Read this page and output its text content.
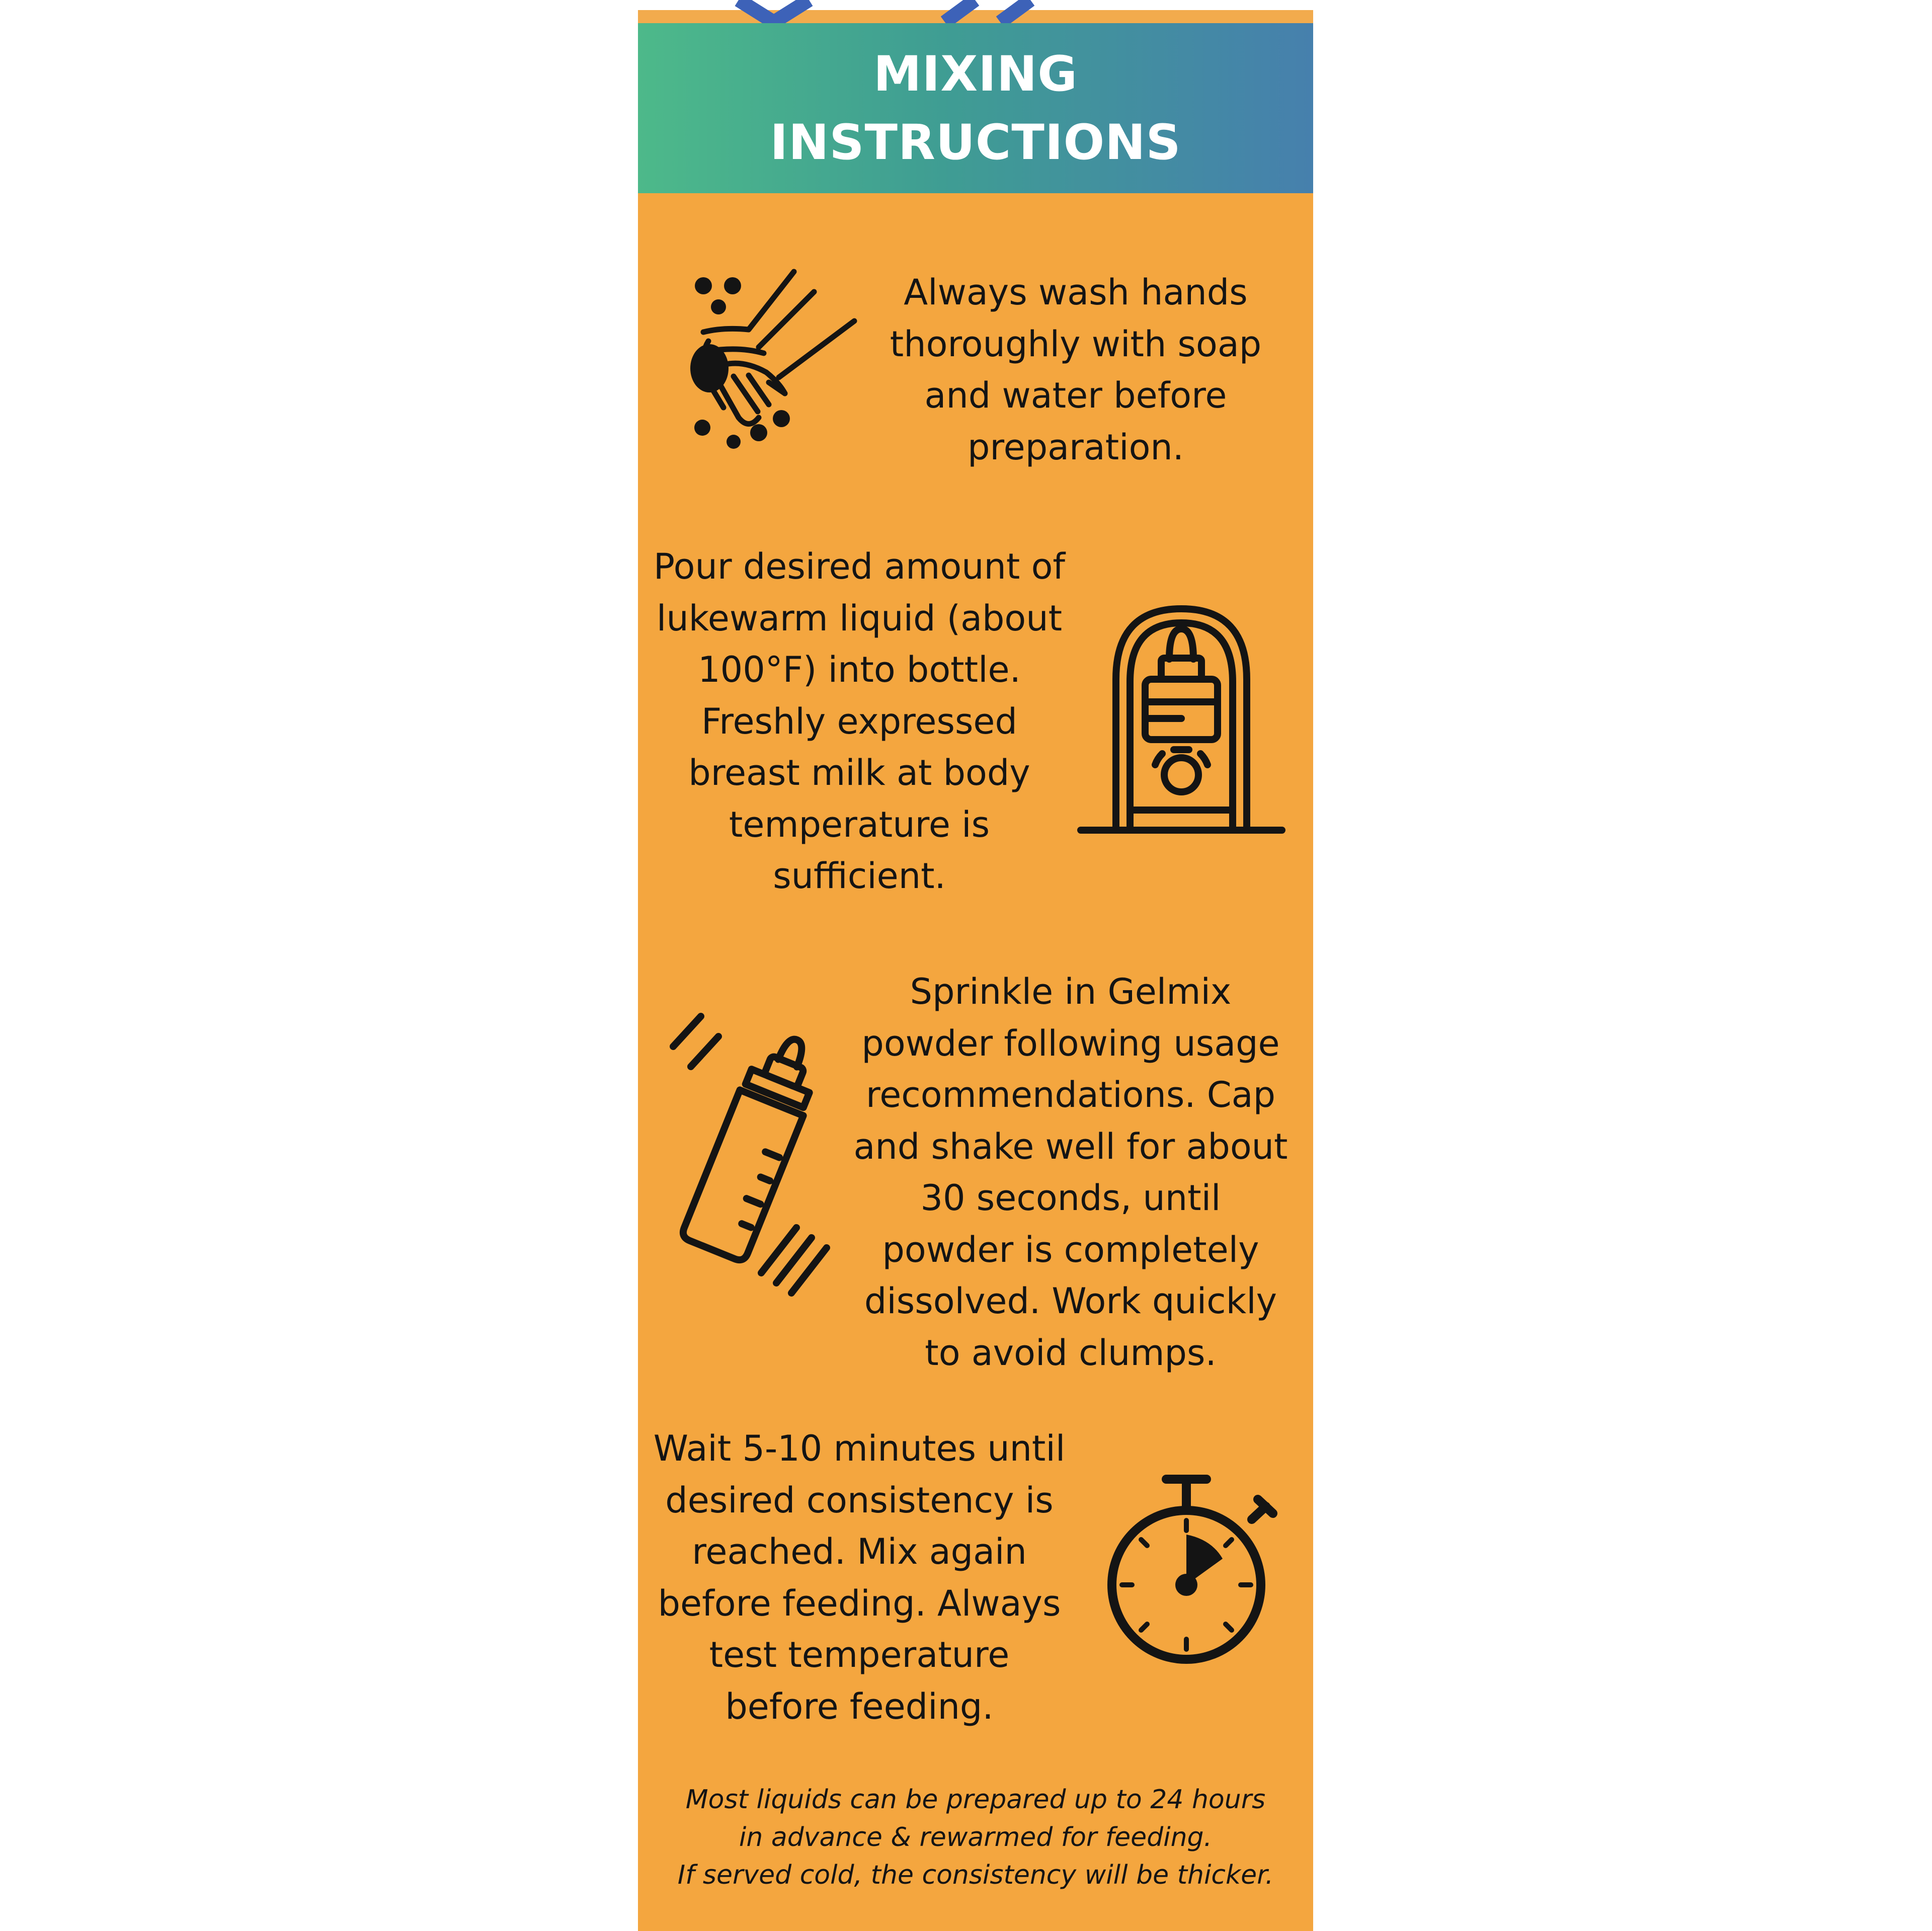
MIXING
INSTRUCTIONS
Always wash hands
thoroughly with soap
and water before
preparation.
Pour desired amount of
lukewarm liquid (about
100°F) into bottle.
Freshly expressed
breast milk at body
temperature is
sufficient.
Sprinkle in Gelmix
powder following usage
recommendations. Cap
and shake well for about
30 seconds, until
powder is completely
dissolved. Work quickly
to avoid clumps.
Wait 5-10 minutes until
desired consistency is
reached. Mix again
before feeding. Always
test temperature
before feeding.
Most liquids can be prepared up to 24 hours
in advance & rewarmed for feeding.
If served cold, the consistency will be thicker.
